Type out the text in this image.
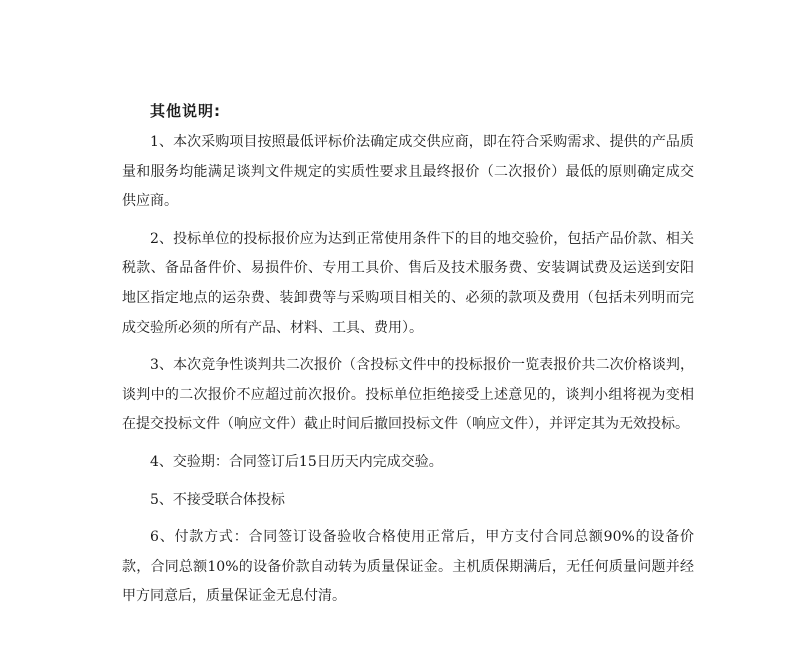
其他说明:

1、本次采购项目按照最低评标价法确定成交供应商，即在符合采购需求、提供的产品质量和服务均能满足谈判文件规定的实质性要求且最终报价（二次报价）最低的原则确定成交供应商。

2、投标单位的投标报价应为达到正常使用条件下的目的地交验价，包括产品价款、相关税款、备品备件价、易损件价、专用工具价、售后及技术服务费、安装调试费及运送到安阳地区指定地点的运杂费、装卸费等与采购项目相关的、必须的款项及费用（包括未列明而完成交验所必须的所有产品、材料、工具、费用）。

3、本次竞争性谈判共二次报价（含投标文件中的投标报价一览表报价共二次价格谈判，谈判中的二次报价不应超过前次报价。投标单位拒绝接受上述意见的，谈判小组将视为变相在提交投标文件（响应文件）截止时间后撤回投标文件（响应文件），并评定其为无效投标。

4、交验期：合同签订后15日历天内完成交验。

5、不接受联合体投标

6、付款方式：合同签订设备验收合格使用正常后，甲方支付合同总额90%的设备价款，合同总额10%的设备价款自动转为质量保证金。主机质保期满后，无任何质量问题并经甲方同意后，质量保证金无息付清。
